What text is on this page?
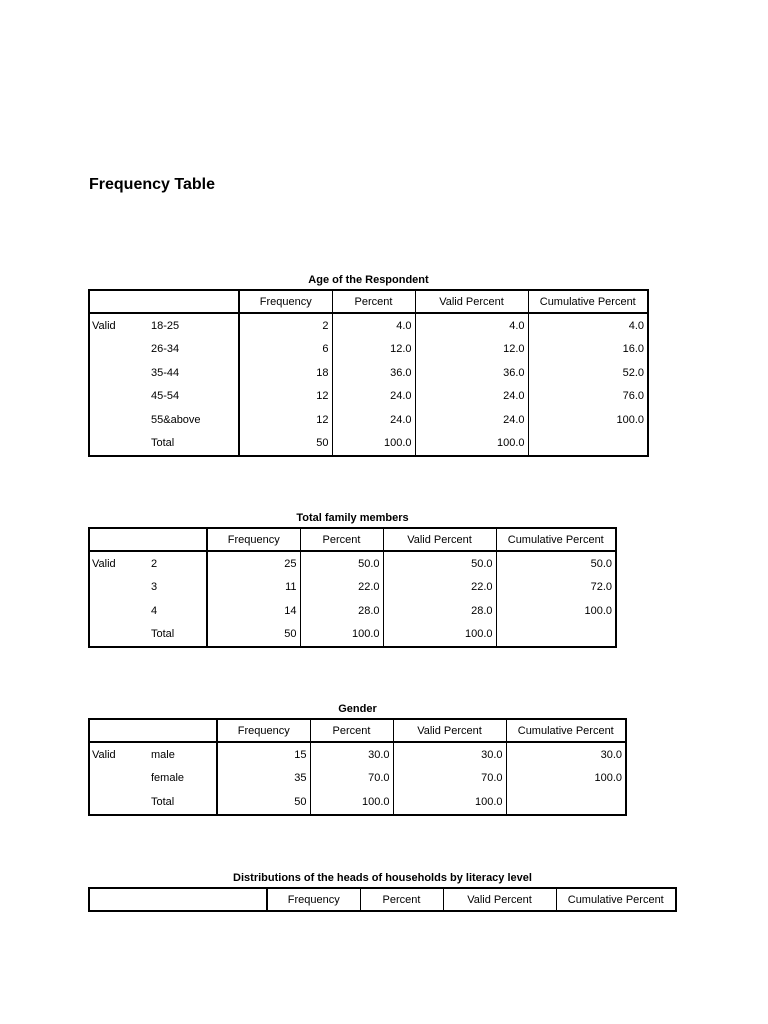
Frequency Table
Age of the Respondent
		Frequency	Percent	Valid Percent	Cumulative Percent
Valid	18-25	2	4.0	4.0	4.0
	26-34	6	12.0	12.0	16.0
	35-44	18	36.0	36.0	52.0
	45-54	12	24.0	24.0	76.0
	55&above	12	24.0	24.0	100.0
	Total	50	100.0	100.0	
Total family members
		Frequency	Percent	Valid Percent	Cumulative Percent
Valid	2	25	50.0	50.0	50.0
	3	11	22.0	22.0	72.0
	4	14	28.0	28.0	100.0
	Total	50	100.0	100.0	
Gender
		Frequency	Percent	Valid Percent	Cumulative Percent
Valid	male	15	30.0	30.0	30.0
	female	35	70.0	70.0	100.0
	Total	50	100.0	100.0	
Distributions of the heads of households by literacy level
		Frequency	Percent	Valid Percent	Cumulative Percent
